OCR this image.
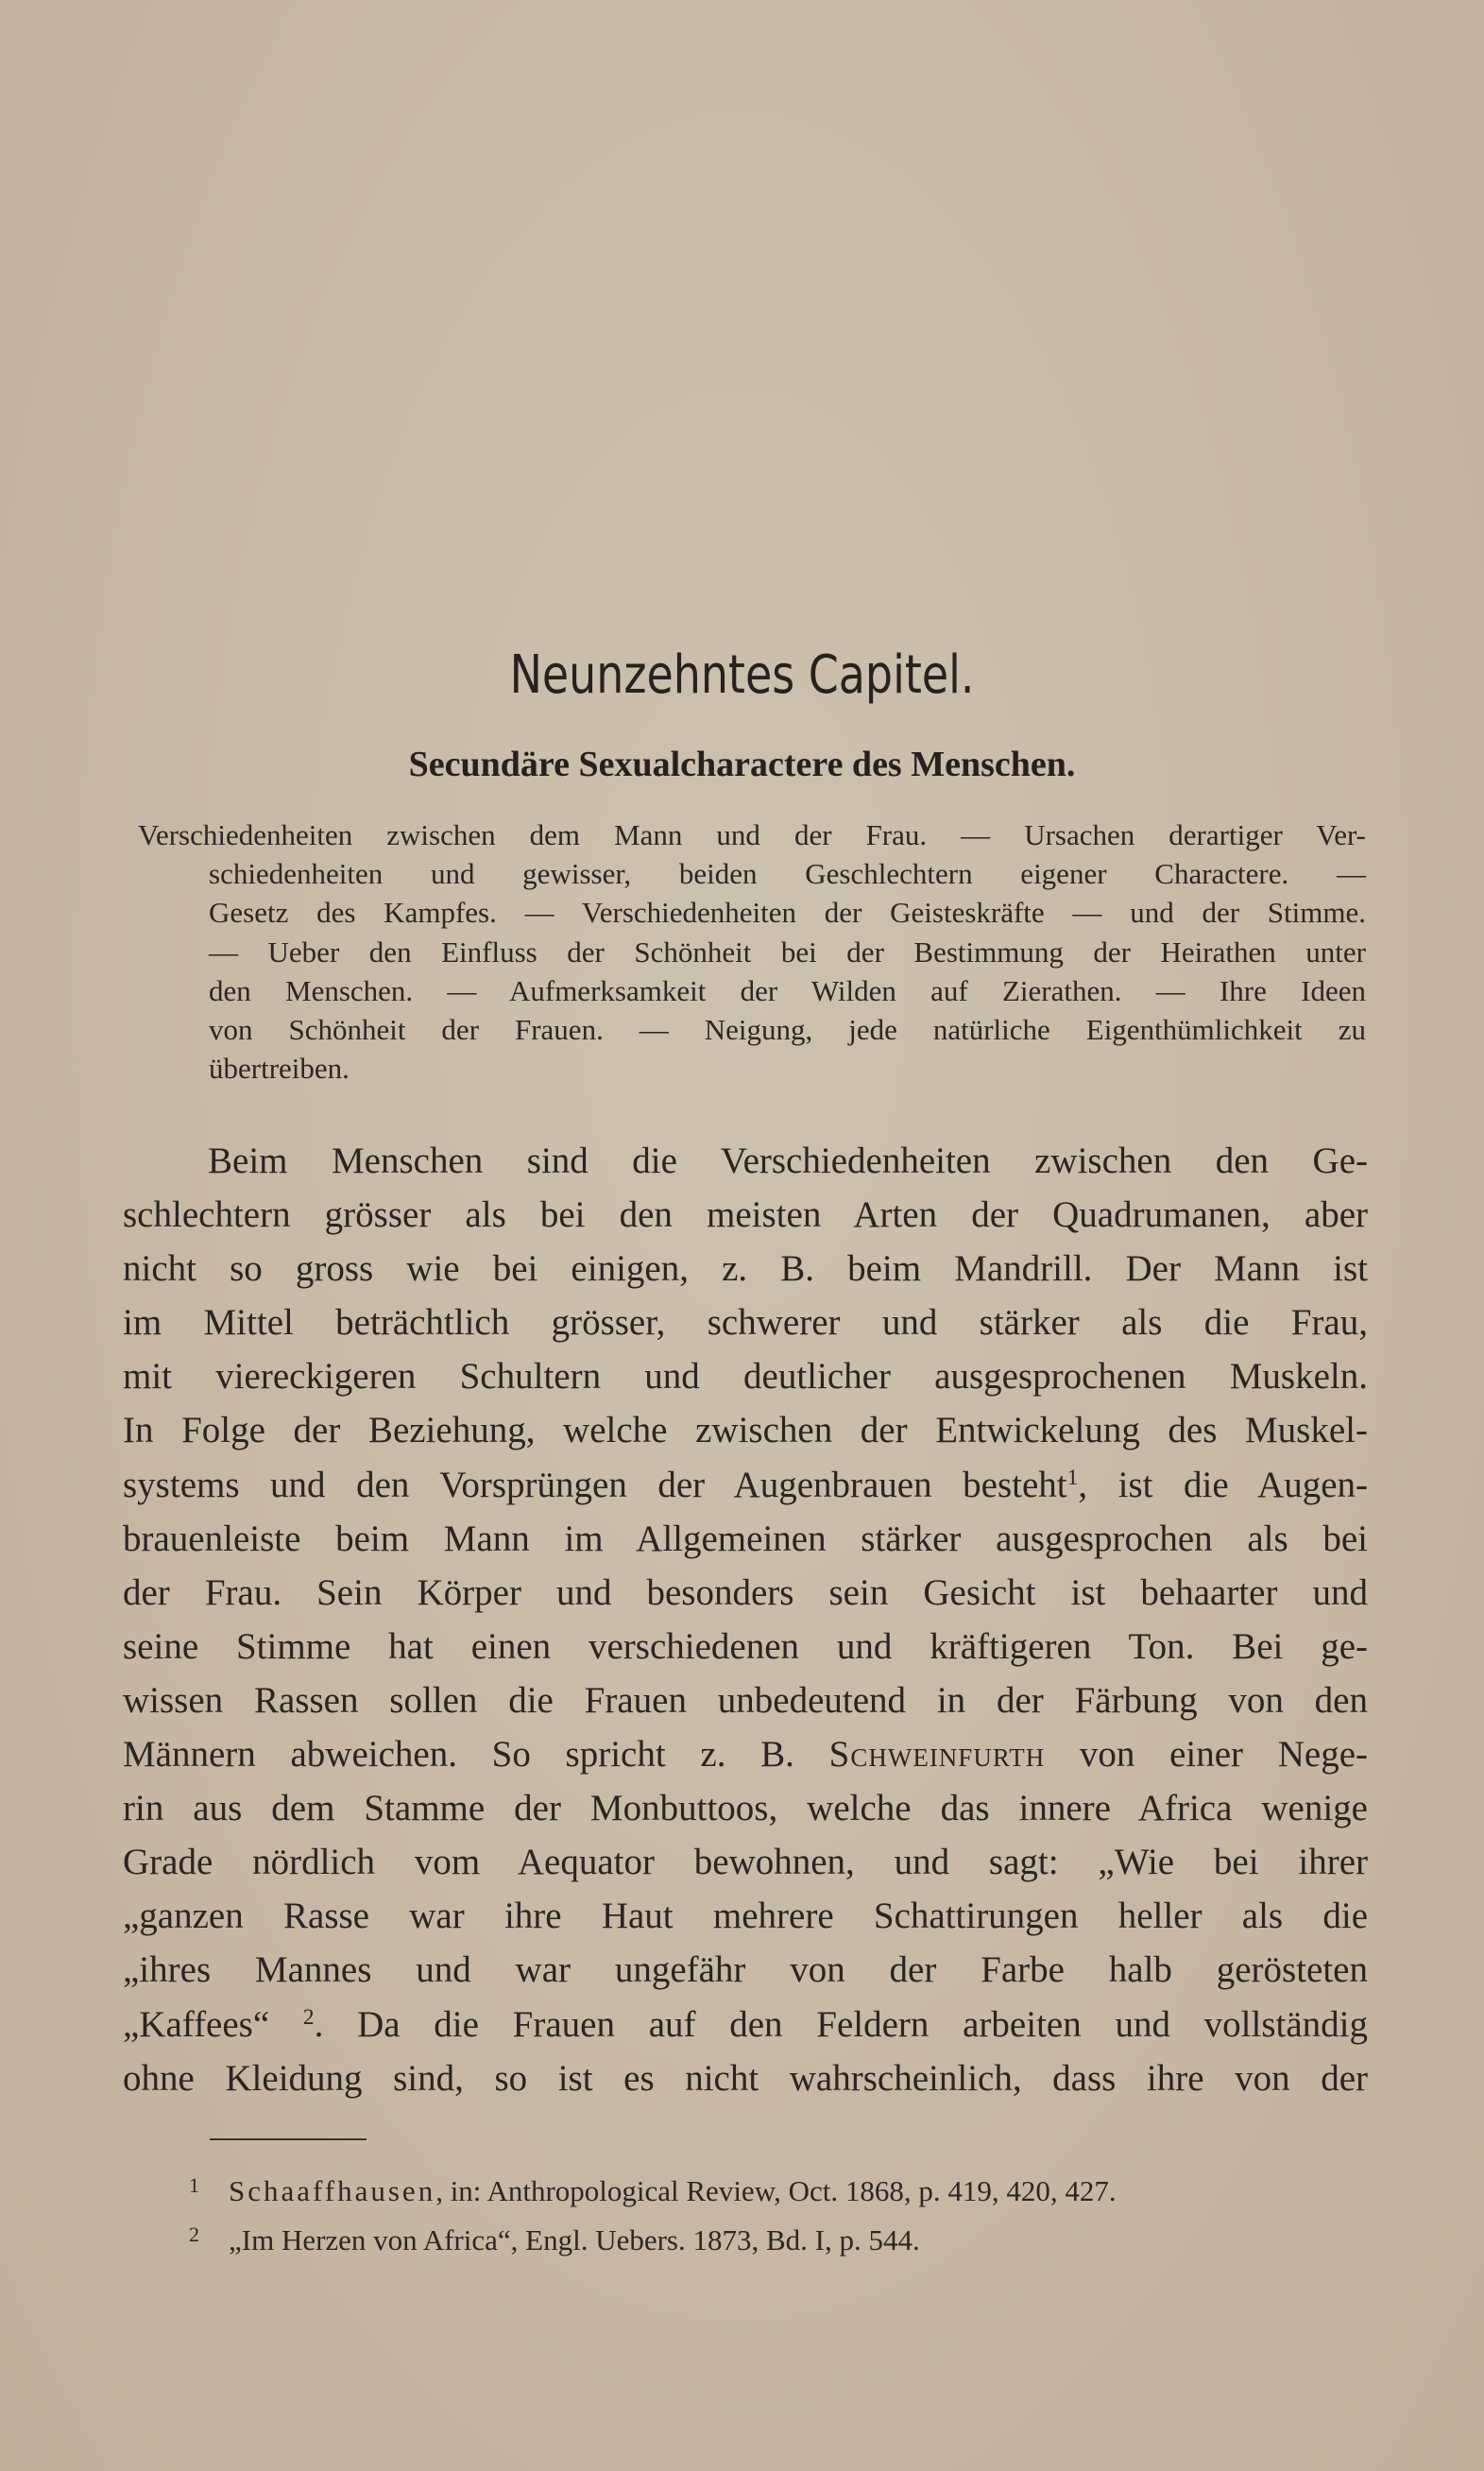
Neunzehntes Capitel.
Secundäre Sexualcharactere des Menschen.
Verschiedenheiten zwischen dem Mann und der Frau. — Ursachen derartiger Ver-
schiedenheiten und gewisser, beiden Geschlechtern eigener Charactere. —
Gesetz des Kampfes. — Verschiedenheiten der Geisteskräfte — und der Stimme.
— Ueber den Einfluss der Schönheit bei der Bestimmung der Heirathen unter
den Menschen. — Aufmerksamkeit der Wilden auf Zierathen. — Ihre Ideen
von Schönheit der Frauen. — Neigung, jede natürliche Eigenthümlichkeit zu
übertreiben.
Beim Menschen sind die Verschiedenheiten zwischen den Ge-
schlechtern grösser als bei den meisten Arten der Quadrumanen, aber
nicht so gross wie bei einigen, z. B. beim Mandrill. Der Mann ist
im Mittel beträchtlich grösser, schwerer und stärker als die Frau,
mit viereckigeren Schultern und deutlicher ausgesprochenen Muskeln.
In Folge der Beziehung, welche zwischen der Entwickelung des Muskel-
systems und den Vorsprüngen der Augenbrauen besteht$^1$, ist die Augen-
brauenleiste beim Mann im Allgemeinen stärker ausgesprochen als bei
der Frau. Sein Körper und besonders sein Gesicht ist behaarter und
seine Stimme hat einen verschiedenen und kräftigeren Ton. Bei ge-
wissen Rassen sollen die Frauen unbedeutend in der Färbung von den
Männern abweichen. So spricht z. B. Schweinfurth von einer Nege-
rin aus dem Stamme der Monbuttoos, welche das innere Africa wenige
Grade nördlich vom Aequator bewohnen, und sagt: „Wie bei ihrer
„ganzen Rasse war ihre Haut mehrere Schattirungen heller als die
„ihres Mannes und war ungefähr von der Farbe halb gerösteten
„Kaffees“ $^2$. Da die Frauen auf den Feldern arbeiten und vollständig
ohne Kleidung sind, so ist es nicht wahrscheinlich, dass ihre von der
1 Schaaffhausen, in: Anthropological Review, Oct. 1868, p. 419, 420, 427.
2 „Im Herzen von Africa“, Engl. Uebers. 1873, Bd. I, p. 544.
